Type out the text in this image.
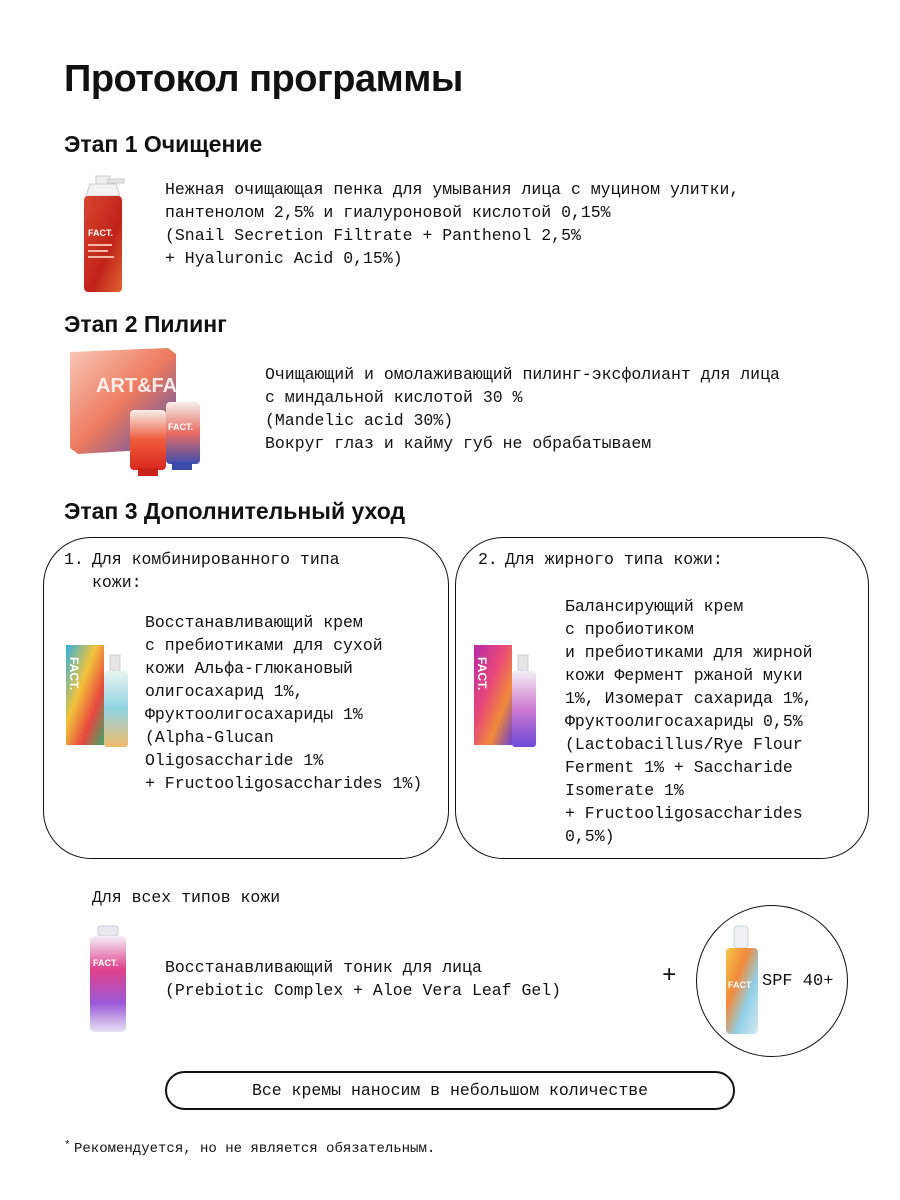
Протокол программы
Этап 1 Очищение
FACT.
Нежная очищающая пенка для умывания лица с муцином улитки,
пантенолом 2,5% и гиалуроновой кислотой 0,15%
(Snail Secretion Filtrate + Panthenol 2,5%
+ Hyaluronic Acid 0,15%)
Этап 2 Пилинг
ART&FACT.
FACT.
Очищающий и омолаживающий пилинг-эксфолиант для лица
с миндальной кислотой 30 %
(Mandelic acid 30%)
Вокруг глаз и кайму губ не обрабатываем
Этап 3 Дополнительный уход
1. Для комбинированного типа
кожи:
FACT.
Восстанавливающий крем
с пребиотиками для сухой
кожи Альфа-глюкановый
олигосахарид 1%,
Фруктоолигосахариды 1%
(Alpha-Glucan
Oligosaccharide 1%
+ Fructooligosaccharides 1%)
2. Для жирного типа кожи:
FACT.
Балансирующий крем
с пробиотиком
и пребиотиками для жирной
кожи Фермент ржаной муки
1%, Изомерат сахарида 1%,
Фруктоолигосахариды 0,5%
(Lactobacillus/Rye Flour
Ferment 1% + Saccharide
Isomerate 1%
+ Fructooligosaccharides
0,5%)
Для всех типов кожи
FACT.	Восстанавливающий тоник для лица
(Prebiotic Complex + Aloe Vera Leaf Gel)
+	FACT SPF 40+
Все кремы наносим в небольшом количестве
* Рекомендуется, но не является обязательным.
